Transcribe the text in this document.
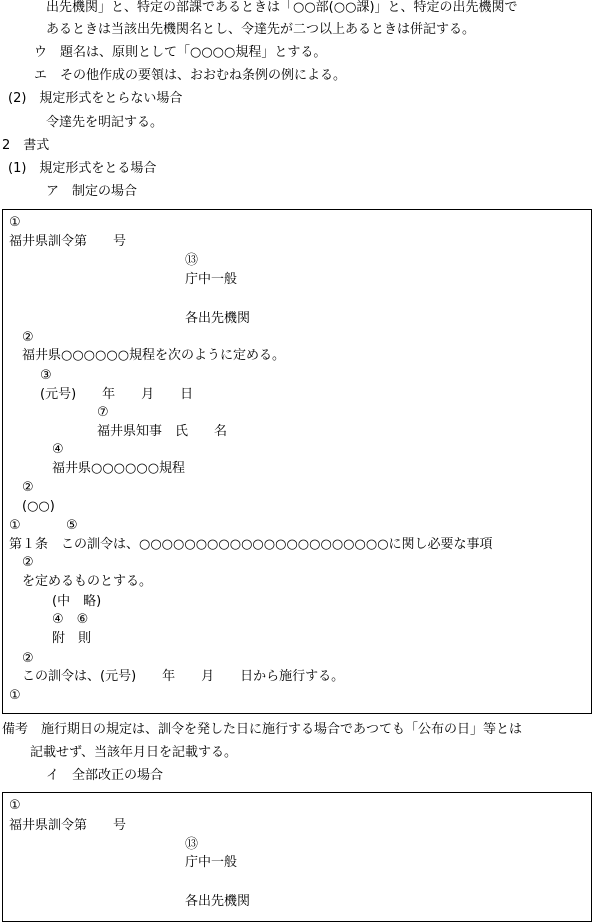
出先機関」と、特定の部課であるときは「○○部(○○課)」と、特定の出先機関で
あるときは当該出先機関名とし、令達先が二つ以上あるときは併記する。
ウ　題名は、原則として「○○○○規程」とする。
エ　その他作成の要領は、おおむね条例の例による。
(2)　規定形式をとらない場合
令達先を明記する。
2　書式
(1)　規定形式をとる場合
ア　制定の場合
①
福井県訓令第　　号
⑬
庁中一般
各出先機関
②
福井県○○○○○○規程を次のように定める。
③
(元号)　　年　　月　　日
⑦
福井県知事　氏　　名
④
福井県○○○○○○規程
②
(○○)
①	⑤
第１条　この訓令は、○○○○○○○○○○○○○○○○○○○○○○に関し必要な事項
②
を定めるものとする。
(中　略)
④　⑥
附　則
②
この訓令は、(元号)　　年　　月　　日から施行する。
①
備考　施行期日の規定は、訓令を発した日に施行する場合であつても「公布の日」等とは
記載せず、当該年月日を記載する。
イ　全部改正の場合
①
福井県訓令第　　号
⑬
庁中一般
各出先機関
